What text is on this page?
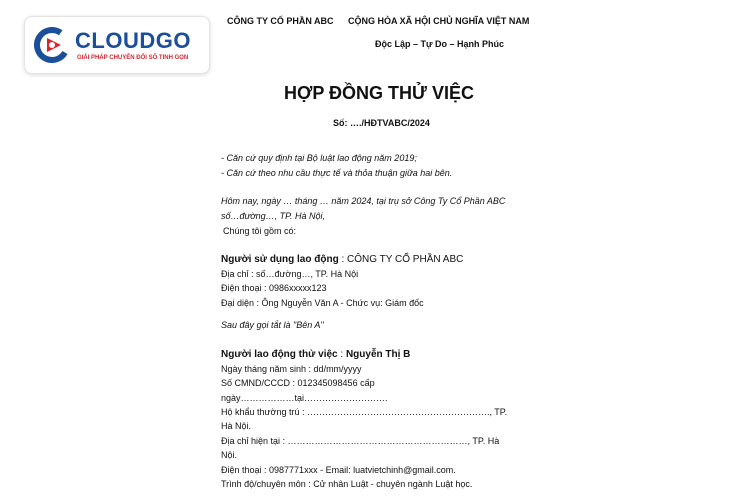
CLOUDGO
GIẢI PHÁP CHUYỂN ĐỔI SỐ TINH GỌN
CÔNG TY CỔ PHẦN ABC CỘNG HÒA XÃ HỘI CHỦ NGHĨA VIỆT NAM
Độc Lập – Tự Do – Hạnh Phúc
HỢP ĐỒNG THỬ VIỆC
Số: …./HĐTVABC/2024
- Căn cứ quy định tại Bộ luật lao động năm 2019;
- Căn cứ theo nhu cầu thực tế và thỏa thuận giữa hai bên.
Hôm nay, ngày … tháng … năm 2024, tại trụ sở Công Ty Cổ Phần ABC
số…đường…, TP. Hà Nội,
Chúng tôi gồm có:
Người sử dụng lao động : CÔNG TY CỔ PHẦN ABC
Địa chỉ : số…đường…, TP. Hà Nội
Điện thoại : 0986xxxxx123
Đại diện : Ông Nguyễn Văn A - Chức vụ: Giám đốc
Sau đây gọi tắt là "Bên A"
Người lao động thử việc : Nguyễn Thị B
Ngày tháng năm sinh : dd/mm/yyyy
Số CMND/CCCD : 012345098456 cấp
ngày………………tại……………………….
Hộ khẩu thường trú : ……………………………………………………., TP.
Hà Nội.
Địa chỉ hiện tại : ……………………………………………………, TP. Hà
Nội.
Điện thoại : 0987771xxx - Email: luatvietchinh@gmail.com.
Trình độ/chuyên môn : Cử nhân Luật - chuyên ngành Luật học.
